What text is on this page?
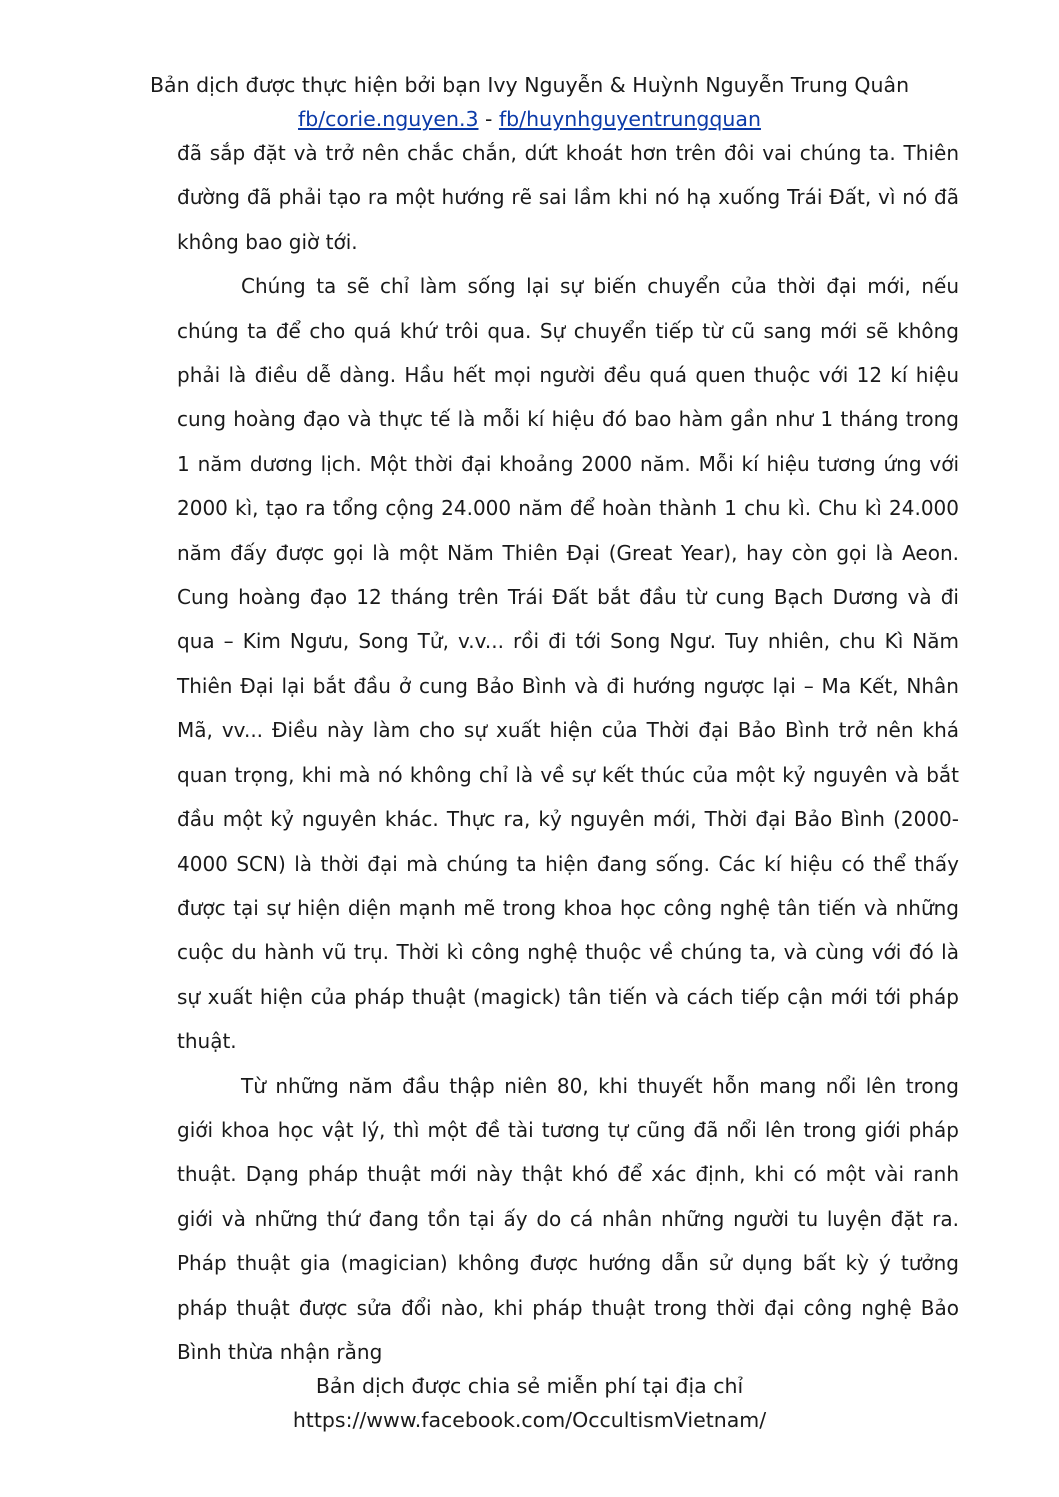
Bản dịch được thực hiện bởi bạn Ivy Nguyễn & Huỳnh Nguyễn Trung Quân
fb/corie.nguyen.3 - fb/huynhguyentrungquan

đã sắp đặt và trở nên chắc chắn, dứt khoát hơn trên đôi vai chúng ta. Thiên đường đã phải tạo ra một hướng rẽ sai lầm khi nó hạ xuống Trái Đất, vì nó đã không bao giờ tới.

Chúng ta sẽ chỉ làm sống lại sự biến chuyển của thời đại mới, nếu chúng ta để cho quá khứ trôi qua. Sự chuyển tiếp từ cũ sang mới sẽ không phải là điều dễ dàng. Hầu hết mọi người đều quá quen thuộc với 12 kí hiệu cung hoàng đạo và thực tế là mỗi kí hiệu đó bao hàm gần như 1 tháng trong 1 năm dương lịch. Một thời đại khoảng 2000 năm. Mỗi kí hiệu tương ứng với 2000 kì, tạo ra tổng cộng 24.000 năm để hoàn thành 1 chu kì. Chu kì 24.000 năm đấy được gọi là một Năm Thiên Đại (Great Year), hay còn gọi là Aeon. Cung hoàng đạo 12 tháng trên Trái Đất bắt đầu từ cung Bạch Dương và đi qua – Kim Ngưu, Song Tử, v.v... rồi đi tới Song Ngư. Tuy nhiên, chu Kì Năm Thiên Đại lại bắt đầu ở cung Bảo Bình và đi hướng ngược lại – Ma Kết, Nhân Mã, vv... Điều này làm cho sự xuất hiện của Thời đại Bảo Bình trở nên khá quan trọng, khi mà nó không chỉ là về sự kết thúc của một kỷ nguyên và bắt đầu một kỷ nguyên khác. Thực ra, kỷ nguyên mới, Thời đại Bảo Bình (2000-4000 SCN) là thời đại mà chúng ta hiện đang sống. Các kí hiệu có thể thấy được tại sự hiện diện mạnh mẽ trong khoa học công nghệ tân tiến và những cuộc du hành vũ trụ. Thời kì công nghệ thuộc về chúng ta, và cùng với đó là sự xuất hiện của pháp thuật (magick) tân tiến và cách tiếp cận mới tới pháp thuật.

Từ những năm đầu thập niên 80, khi thuyết hỗn mang nổi lên trong giới khoa học vật lý, thì một đề tài tương tự cũng đã nổi lên trong giới pháp thuật. Dạng pháp thuật mới này thật khó để xác định, khi có một vài ranh giới và những thứ đang tồn tại ấy do cá nhân những người tu luyện đặt ra. Pháp thuật gia (magician) không được hướng dẫn sử dụng bất kỳ ý tưởng pháp thuật được sửa đổi nào, khi pháp thuật trong thời đại công nghệ Bảo Bình thừa nhận rằng

Bản dịch được chia sẻ miễn phí tại địa chỉ
https://www.facebook.com/OccultismVietnam/
